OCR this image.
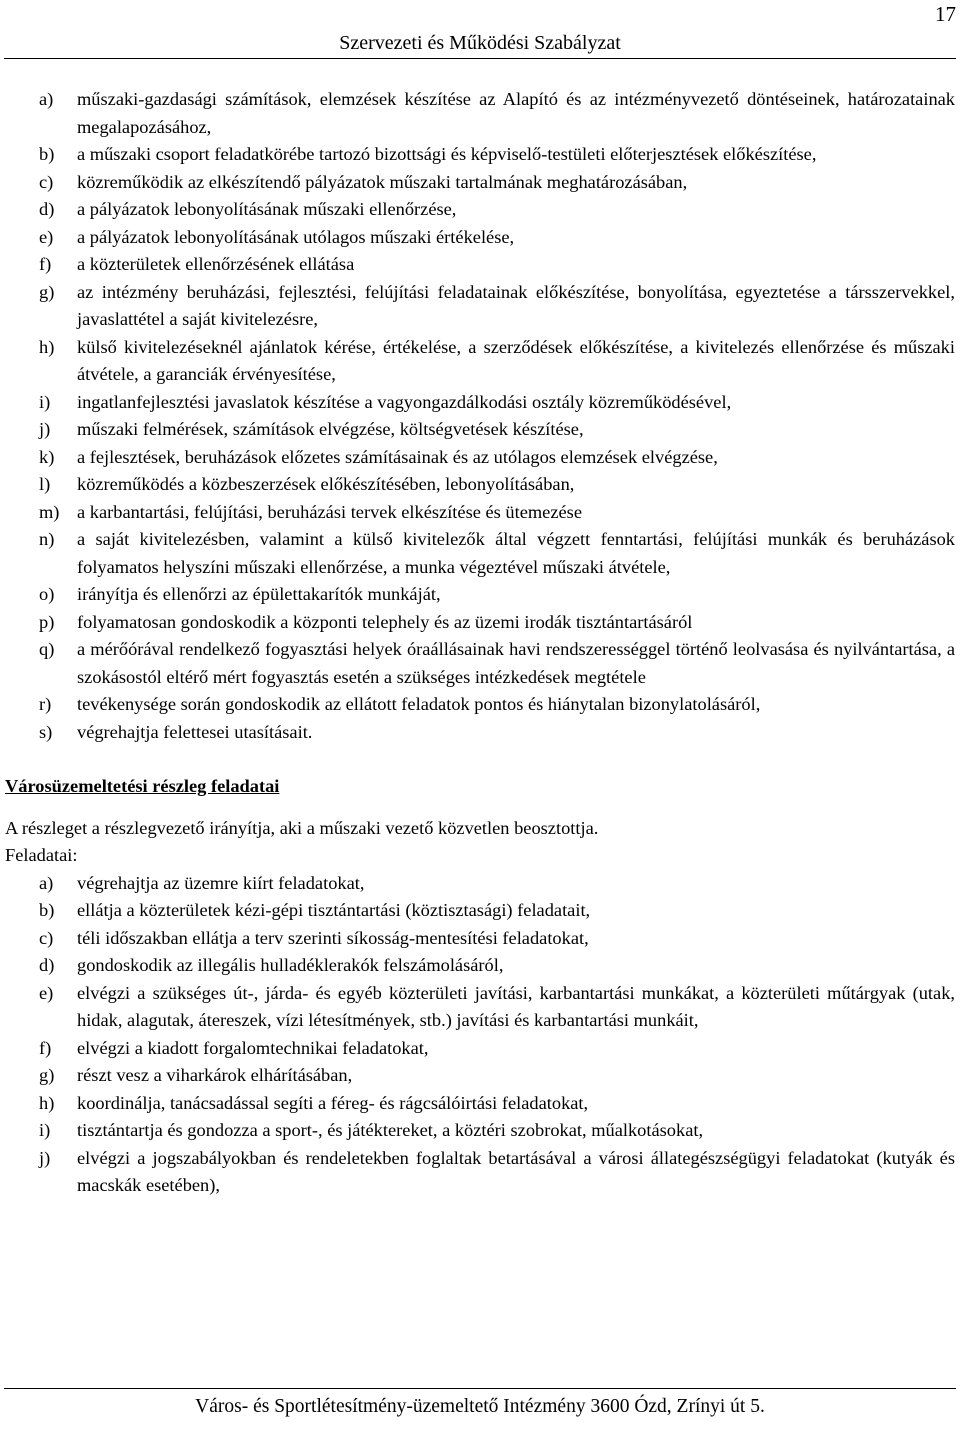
17
Szervezeti és Működési Szabályzat
a) műszaki-gazdasági számítások, elemzések készítése az Alapító és az intézményvezető döntéseinek, határozatainak megalapozásához,
b) a műszaki csoport feladatkörébe tartozó bizottsági és képviselő-testületi előterjesztések előkészítése,
c) közreműködik az elkészítendő pályázatok műszaki tartalmának meghatározásában,
d) a pályázatok lebonyolításának műszaki ellenőrzése,
e) a pályázatok lebonyolításának utólagos műszaki értékelése,
f) a közterületek ellenőrzésének ellátása
g) az intézmény beruházási, fejlesztési, felújítási feladatainak előkészítése, bonyolítása, egyeztetése a társszervekkel, javaslattétel a saját kivitelezésre,
h) külső kivitelezéseknél ajánlatok kérése, értékelése, a szerződések előkészítése, a kivitelezés ellenőrzése és műszaki átvétele, a garanciák érvényesítése,
i) ingatlanfejlesztési javaslatok készítése a vagyongazdálkodási osztály közreműködésével,
j) műszaki felmérések, számítások elvégzése, költségvetések készítése,
k) a fejlesztések, beruházások előzetes számításainak és az utólagos elemzések elvégzése,
l) közreműködés a közbeszerzések előkészítésében, lebonyolításában,
m) a karbantartási, felújítási, beruházási tervek elkészítése és ütemezése
n) a saját kivitelezésben, valamint a külső kivitelezők által végzett fenntartási, felújítási munkák és beruházások folyamatos helyszíni műszaki ellenőrzése, a munka végeztével műszaki átvétele,
o) irányítja és ellenőrzi az épülettakarítók munkáját,
p) folyamatosan gondoskodik a központi telephely és az üzemi irodák tisztántartásáról
q) a mérőórával rendelkező fogyasztási helyek óraállásainak havi rendszerességgel történő leolvasása és nyilvántartása, a szokásostól eltérő mért fogyasztás esetén a szükséges intézkedések megtétele
r) tevékenysége során gondoskodik az ellátott feladatok pontos és hiánytalan bizonylatolásáról,
s) végrehajtja felettesei utasításait.
Városüzemeltetési részleg feladatai
A részleget a részlegvezető irányítja, aki a műszaki vezető közvetlen beosztottja.
Feladatai:
a) végrehajtja az üzemre kiírt feladatokat,
b) ellátja a közterületek kézi-gépi tisztántartási (köztisztasági) feladatait,
c) téli időszakban ellátja a terv szerinti síkosság-mentesítési feladatokat,
d) gondoskodik az illegális hulladéklerakók felszámolásáról,
e) elvégzi a szükséges út-, járda- és egyéb közterületi javítási, karbantartási munkákat, a közterületi műtárgyak (utak, hidak, alagutak, átereszek, vízi létesítmények, stb.) javítási és karbantartási munkáit,
f) elvégzi a kiadott forgalomtechnikai feladatokat,
g) részt vesz a viharkárok elhárításában,
h) koordinálja, tanácsadással segíti a féreg- és rágcsálóirtási feladatokat,
i) tisztántartja és gondozza a sport-, és játéktereket, a köztéri szobrokat, műalkotásokat,
j) elvégzi a jogszabályokban és rendeletekben foglaltak betartásával a városi állategészségügyi feladatokat (kutyák és macskák esetében),
Város- és Sportlétesítmény-üzemeltető Intézmény 3600 Ózd, Zrínyi út 5.
